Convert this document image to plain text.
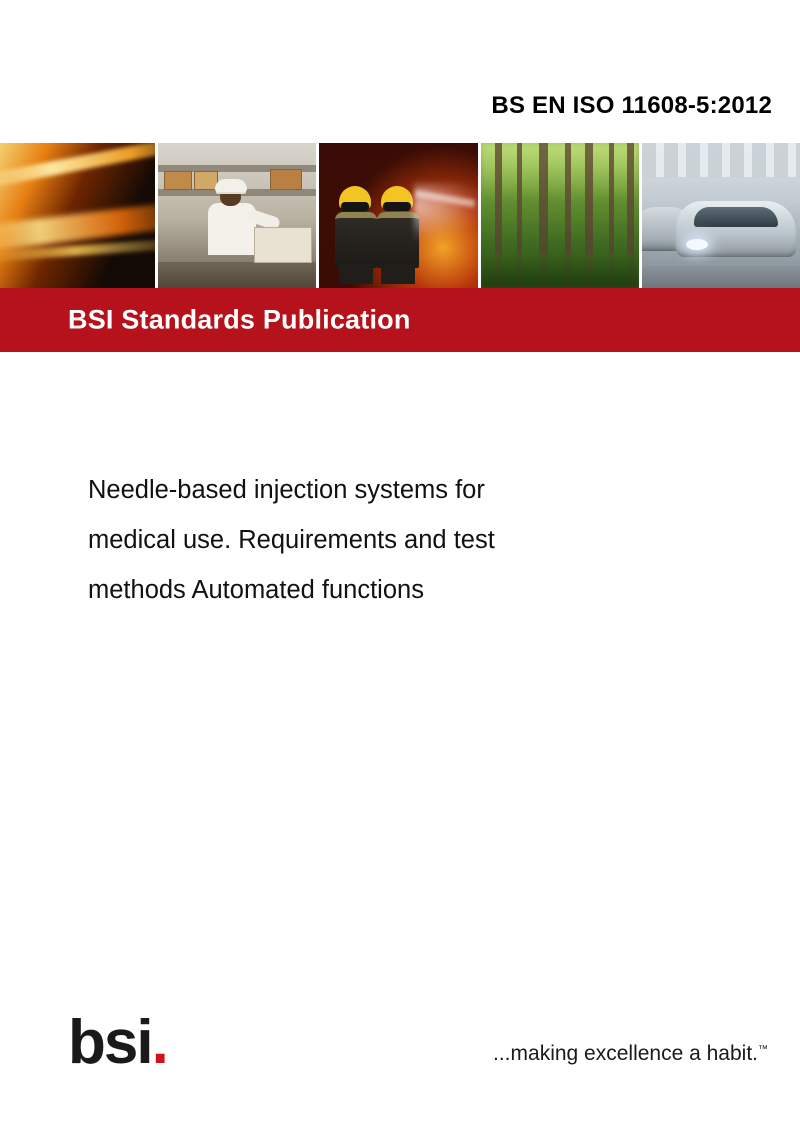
BS EN ISO 11608-5:2012
BSI Standards Publication
Needle-based injection systems for
medical use. Requirements and test
methods Automated functions
bsi.	...making excellence a habit.™
